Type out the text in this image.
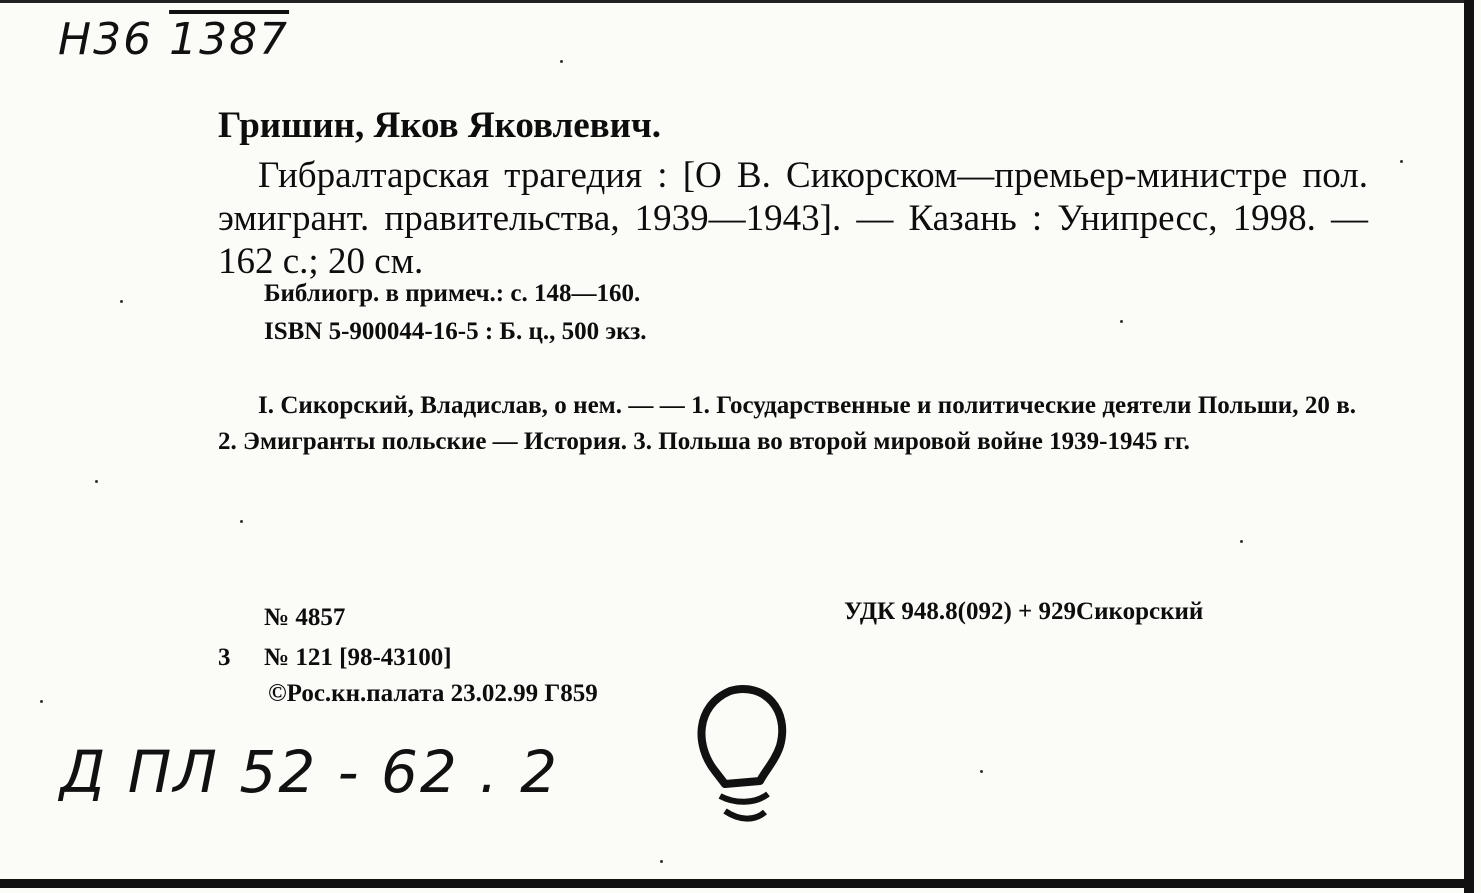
Н36 1387
Гришин, Яков Яковлевич.
Гибралтарская трагедия : [О В. Сикорском—премьер-министре пол. эмигрант. правительства, 1939—1943]. — Казань : Унипресс, 1998. — 162 с.; 20 см.
Библиогр. в примеч.: с. 148—160.
ISBN 5-900044-16-5 : Б. ц., 500 экз.
I. Сикорский, Владислав, о нем. — — 1. Государственные и политические деятели Польши, 20 в. 2. Эмигранты польские — История. 3. Польша во второй мировой войне 1939-1945 гг.
№ 4857
3 № 121 [98-43100]
©Рос.кн.палата 23.02.99 Г859
УДК 948.8(092) + 929Сикорский
Д ПЛ 52 - 62 . 2
